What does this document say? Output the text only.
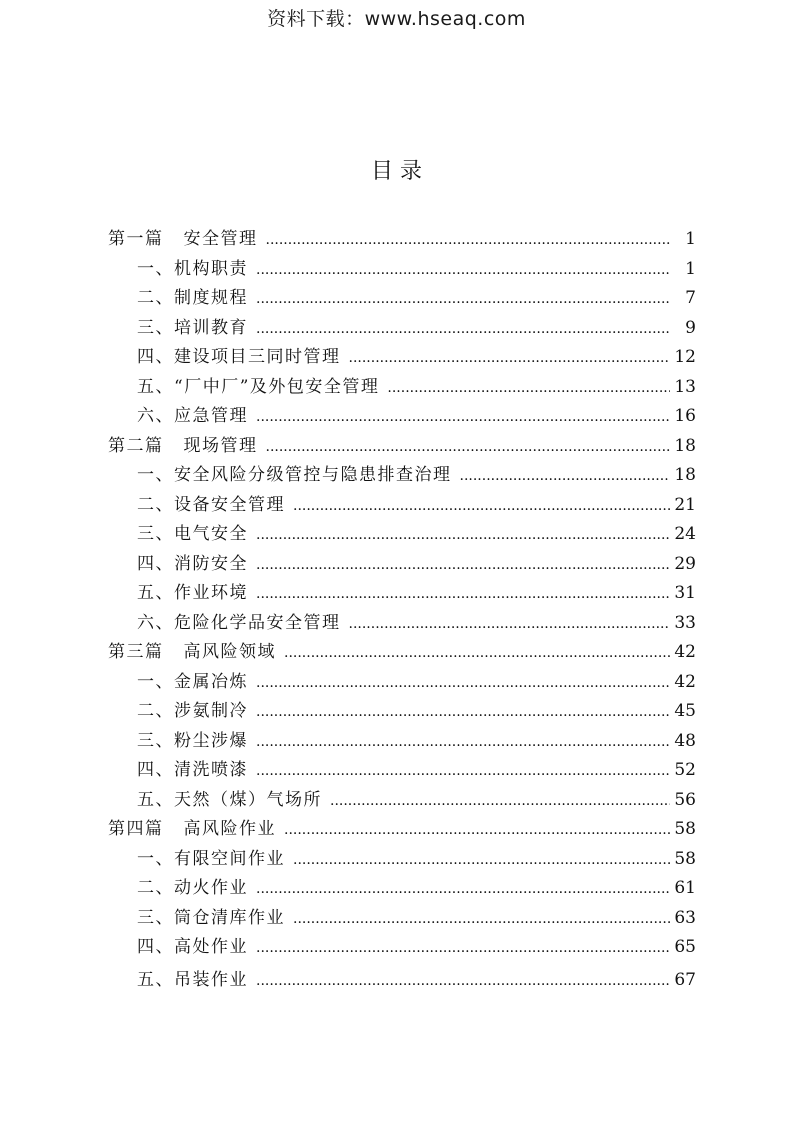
资料下载：www.hseaq.com
目 录
第一篇 安全管理 .....	1
一、 机构职责 .....	1
二、 制度规程 .....	7
三、 培训教育 .....	9
四、 建设项目三同时管理 .....	12
五、 “厂中厂”及外包安全管理 .....	13
六、 应急管理 .....	16
第二篇 现场管理 .....	18
一、 安全风险分级管控与隐患排查治理 .....	18
二、 设备安全管理 .....	21
三、 电气安全 .....	24
四、 消防安全 .....	29
五、 作业环境 .....	31
六、 危险化学品安全管理 .....	33
第三篇 高风险领域 .....	42
一、 金属冶炼 .....	42
二、 涉氨制冷 .....	45
三、 粉尘涉爆 .....	48
四、 清洗喷漆 .....	52
五、 天然（煤）气场所 .....	56
第四篇 高风险作业 .....	58
一、 有限空间作业 .....	58
二、 动火作业 .....	61
三、 筒仓清库作业 .....	63
四、 高处作业 .....	65
五、 吊装作业 .....	67
